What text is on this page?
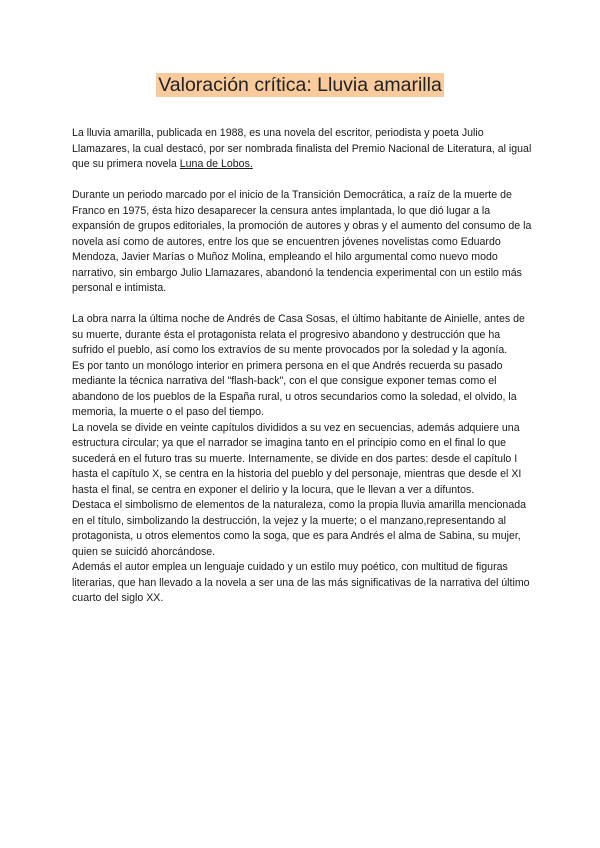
Valoración crítica: Lluvia amarilla

La lluvia amarilla, publicada en 1988, es una novela del escritor, periodista y poeta Julio Llamazares, la cual destacó, por ser nombrada finalista del Premio Nacional de Literatura, al igual que su primera novela Luna de Lobos.

Durante un periodo marcado por el inicio de la Transición Democrática, a raíz de la muerte de Franco en 1975, ésta hizo desaparecer la censura antes implantada, lo que dió lugar a la expansión de grupos editoriales, la promoción de autores y obras y el aumento del consumo de la novela así como de autores, entre los que se encuentren jóvenes novelistas como Eduardo Mendoza, Javier Marías o Muñoz Molina, empleando el hilo argumental como nuevo modo narrativo, sin embargo Julio Llamazares, abandonó la tendencia experimental con un estilo más personal e intimista.

La obra narra la última noche de Andrés de Casa Sosas, el último habitante de Ainielle, antes de su muerte, durante ésta el protagonista relata el progresivo abandono y destrucción que ha sufrido el pueblo, así como los extravíos de su mente provocados por la soledad y la agonía.

Es por tanto un monólogo interior en primera persona en el que Andrés recuerda su pasado mediante la técnica narrativa del "flash-back", con el que consigue exponer temas como el abandono de los pueblos de la España rural, u otros secundarios como la soledad, el olvido, la memoria, la muerte o el paso del tiempo.

La novela se divide en veinte capítulos divididos a su vez en secuencias, además adquiere una estructura circular; ya que el narrador se imagina tanto en el principio como en el final lo que sucederá en el futuro tras su muerte. Internamente, se divide en dos partes: desde el capítulo I hasta el capítulo X, se centra en la historia del pueblo y del personaje, mientras que desde el XI hasta el final, se centra en exponer el delirio y la locura, que le llevan a ver a difuntos.

Destaca el simbolismo de elementos de la naturaleza, como la propia lluvia amarilla mencionada en el título, simbolizando la destrucción, la vejez y la muerte; o el manzano,representando al protagonista, u otros elementos como la soga, que es para Andrés el alma de Sabina, su mujer, quien se suicidó ahorcándose.

Además el autor emplea un lenguaje cuidado y un estilo muy poético, con multitud de figuras literarias, que han llevado a la novela a ser una de las más significativas de la narrativa del último cuarto del siglo XX.
